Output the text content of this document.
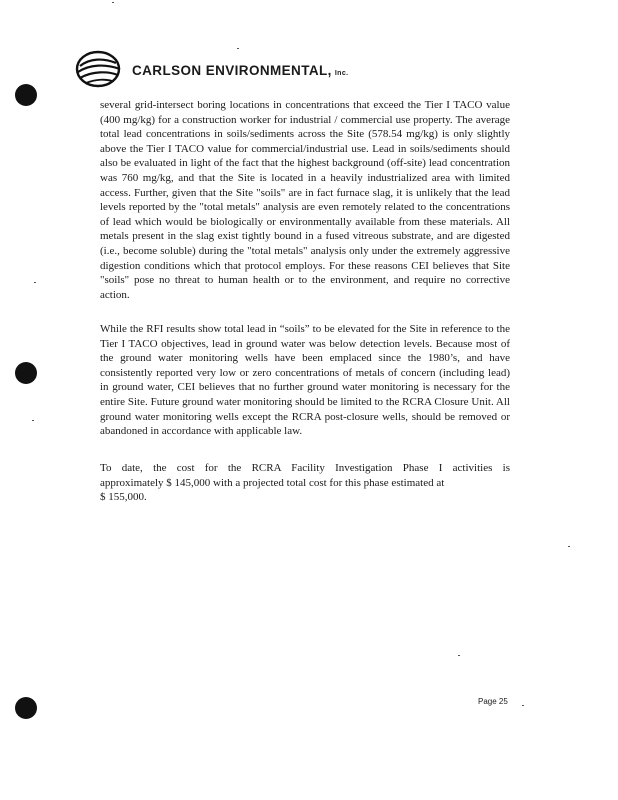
CARLSON ENVIRONMENTAL, Inc.

several grid-intersect boring locations in concentrations that exceed the Tier I TACO value (400 mg/kg) for a construction worker for industrial / commercial use property. The average total lead concentrations in soils/sediments across the Site (578.54 mg/kg) is only slightly above the Tier I TACO value for commercial/industrial use. Lead in soils/sediments should also be evaluated in light of the fact that the highest background (off-site) lead concentration was 760 mg/kg, and that the Site is located in a heavily industrialized area with limited access. Further, given that the Site "soils" are in fact furnace slag, it is unlikely that the lead levels reported by the "total metals" analysis are even remotely related to the concentrations of lead which would be biologically or environmentally available from these materials. All metals present in the slag exist tightly bound in a fused vitreous substrate, and are digested (i.e., become soluble) during the "total metals" analysis only under the extremely aggressive digestion conditions which that protocol employs. For these reasons CEI believes that Site "soils" pose no threat to human health or to the environment, and require no corrective action.

While the RFI results show total lead in “soils” to be elevated for the Site in reference to the Tier I TACO objectives, lead in ground water was below detection levels. Because most of the ground water monitoring wells have been emplaced since the 1980’s, and have consistently reported very low or zero concentrations of metals of concern (including lead) in ground water, CEI believes that no further ground water monitoring is necessary for the entire Site. Future ground water monitoring should be limited to the RCRA Closure Unit. All ground water monitoring wells except the RCRA post-closure wells, should be removed or abandoned in accordance with applicable law.

To date, the cost for the RCRA Facility Investigation Phase I activities is

approximately $ 145,000 with a projected total cost for this phase estimated at

$ 155,000.

Page 25
